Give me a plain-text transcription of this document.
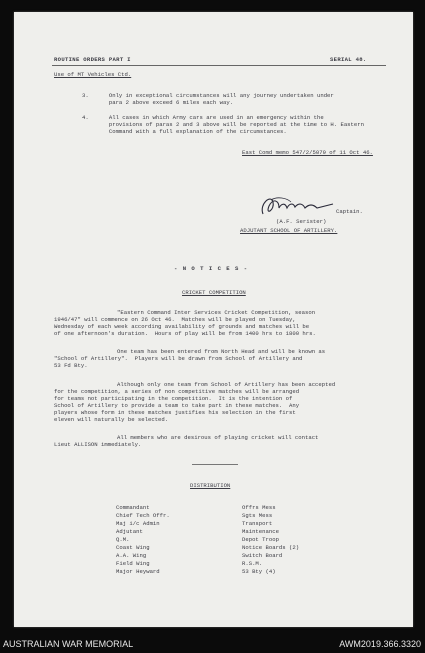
ROUTINE ORDERS PART I	SERIAL 48.
Use of MT Vehicles Ctd.
3.      Only in exceptional circumstances will any journey undertaken under
para 2 above exceed 6 miles each way.
4.      All cases in which Army cars are used in an emergency within the
provisions of paras 2 and 3 above will be reported at the time to H. Eastern
Command with a full explanation of the circumstances.
East Comd memo 547/2/5079 of 11 Oct 46.
Captain.
(A.F. Serister)
ADJUTANT SCHOOL OF ARTILLERY.
- N O T I C E S -
CRICKET COMPETITION
"Eastern Command Inter Services Cricket Competition, season
1946/47" will commence on 26 Oct 46.  Matches will be played on Tuesday,
Wednesday of each week according availability of grounds and matches will be
of one afternoon's duration.  Hours of play will be from 1400 hrs to 1800 hrs.
One team has been entered from North Head and will be known as
"School of Artillery".  Players will be drawn from School of Artillery and
53 Fd Bty.
Although only one team from School of Artillery has been accepted
for the competition, a series of non competitive matches will be arranged
for teams not participating in the competition.  It is the intention of
School of Artillery to provide a team to take part in these matches.  Any
players whose form in these matches justifies his selection in the first
eleven will naturally be selected.
All members who are desirous of playing cricket will contact
Lieut ALLISON immediately.
DISTRIBUTION
Commandant
Chief Tech Offr.
Maj i/c Admin
Adjutant
Q.M.
Coast Wing
A.A. Wing
Field Wing
Major Heyward
Offrs Mess
Sgts Mess
Transport
Maintenance
Depot Troop
Notice Boards (2)
Switch Board
R.S.M.
53 Bty (4)
AUSTRALIAN WAR MEMORIAL	AWM2019.366.3320
